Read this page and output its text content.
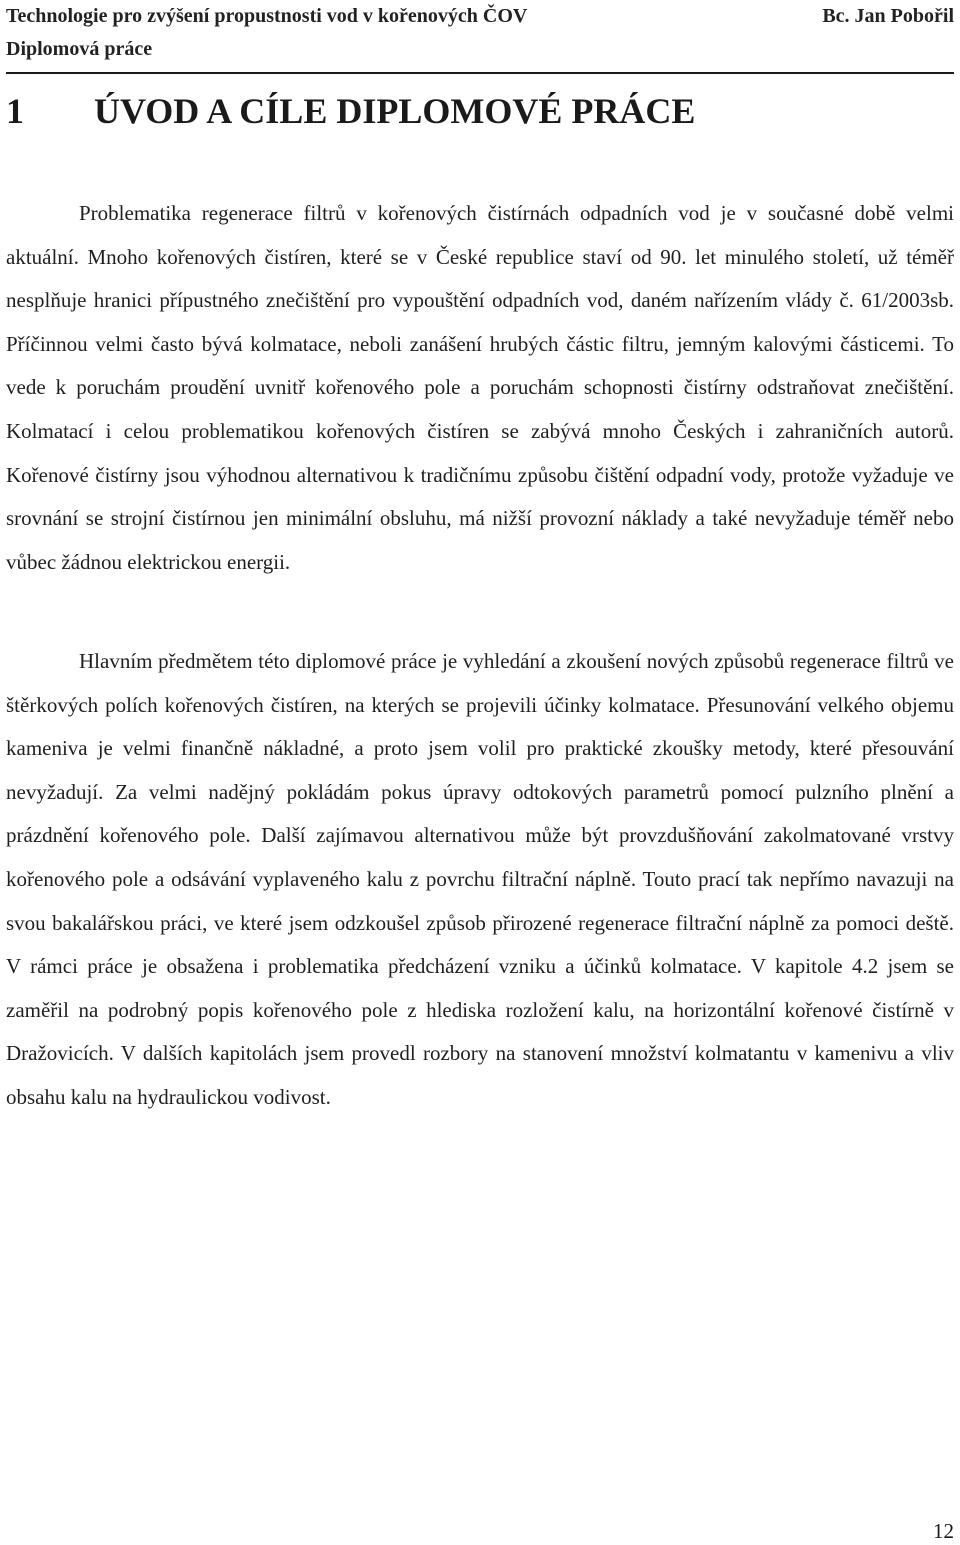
Technologie pro zvýšení propustnosti vod v kořenových ČOV	Bc. Jan Pobořil
Diplomová práce
1 ÚVOD A CÍLE DIPLOMOVÉ PRÁCE

Problematika regenerace filtrů v kořenových čistírnách odpadních vod je v současné době velmi aktuální. Mnoho kořenových čistíren, které se v České republice staví od 90. let minulého století, už téměř nesplňuje hranici přípustného znečištění pro vypouštění odpadních vod, daném nařízením vlády č. 61/2003sb. Příčinnou velmi často bývá kolmatace, neboli zanášení hrubých částic filtru, jemným kalovými částicemi. To vede k poruchám proudění uvnitř kořenového pole a poruchám schopnosti čistírny odstraňovat znečištění. Kolmatací i celou problematikou kořenových čistíren se zabývá mnoho Českých i zahraničních autorů. Kořenové čistírny jsou výhodnou alternativou k tradičnímu způsobu čištění odpadní vody, protože vyžaduje ve srovnání se strojní čistírnou jen minimální obsluhu, má nižší provozní náklady a také nevyžaduje téměř nebo vůbec žádnou elektrickou energii.

Hlavním předmětem této diplomové práce je vyhledání a zkoušení nových způsobů regenerace filtrů ve štěrkových polích kořenových čistíren, na kterých se projevili účinky kolmatace. Přesunování velkého objemu kameniva je velmi finančně nákladné, a proto jsem volil pro praktické zkoušky metody, které přesouvání nevyžadují. Za velmi nadějný pokládám pokus úpravy odtokových parametrů pomocí pulzního plnění a prázdnění kořenového pole. Další zajímavou alternativou může být provzdušňování zakolmatované vrstvy kořenového pole a odsávání vyplaveného kalu z povrchu filtrační náplně. Touto prací tak nepřímo navazuji na svou bakalářskou práci, ve které jsem odzkoušel způsob přirozené regenerace filtrační náplně za pomoci deště. V rámci práce je obsažena i problematika předcházení vzniku a účinků kolmatace. V kapitole 4.2 jsem se zaměřil na podrobný popis kořenového pole z hlediska rozložení kalu, na horizontální kořenové čistírně v Dražovicích. V dalších kapitolách jsem provedl rozbory na stanovení množství kolmatantu v kamenivu a vliv obsahu kalu na hydraulickou vodivost.

12
